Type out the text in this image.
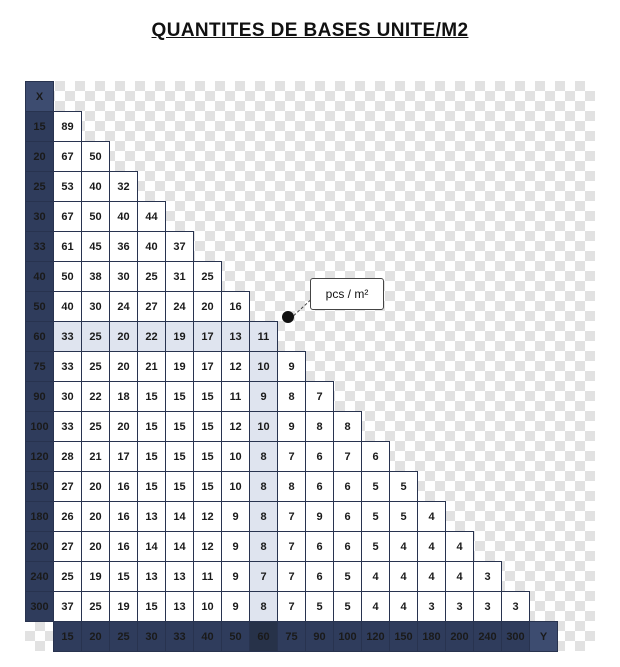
QUANTITES DE BASES UNITE/M2
X																		
15	89																	
20	67	50																
25	53	40	32															
30	67	50	40	44														
33	61	45	36	40	37													
40	50	38	30	25	31	25												
50	40	30	24	27	24	20	16											
60	33	25	20	22	19	17	13	11										
75	33	25	20	21	19	17	12	10	9									
90	30	22	18	15	15	15	11	9	8	7								
100	33	25	20	15	15	15	12	10	9	8	8							
120	28	21	17	15	15	15	10	8	7	6	7	6						
150	27	20	16	15	15	15	10	8	8	6	6	5	5					
180	26	20	16	13	14	12	9	8	7	9	6	5	5	4				
200	27	20	16	14	14	12	9	8	7	6	6	5	4	4	4			
240	25	19	15	13	13	11	9	7	7	6	5	4	4	4	4	3		
300	37	25	19	15	13	10	9	8	7	5	5	4	4	3	3	3	3	
	15	20	25	30	33	40	50	60	75	90	100	120	150	180	200	240	300	Y
pcs / m²
